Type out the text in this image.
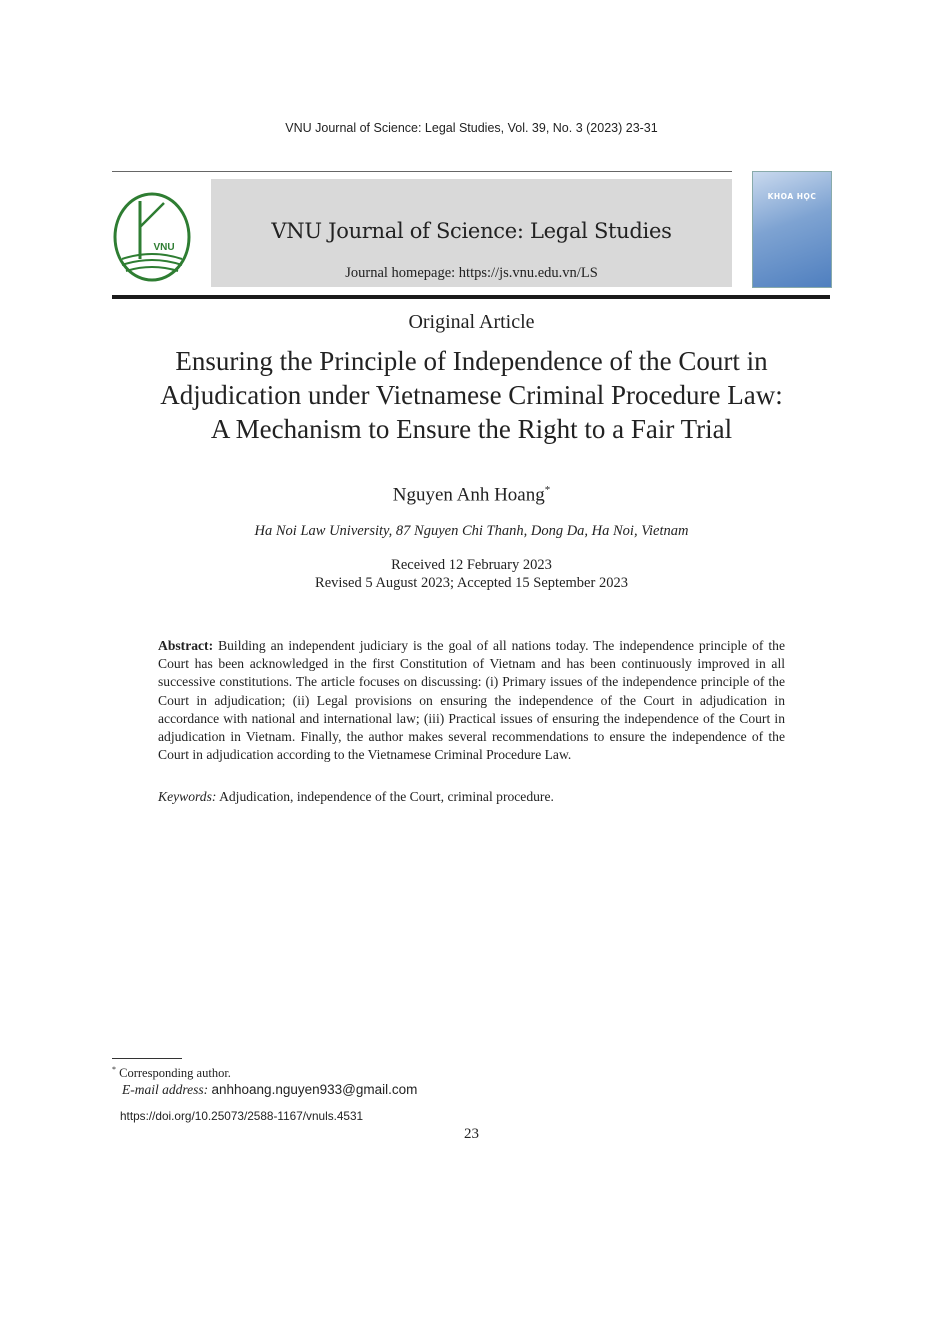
VNU Journal of Science: Legal Studies, Vol. 39, No. 3 (2023) 23-31
VNU
VNU Journal of Science: Legal Studies
Journal homepage: https://js.vnu.edu.vn/LS
KHOA HỌC
Original Article
Ensuring the Principle of Independence of the Court in
Adjudication under Vietnamese Criminal Procedure Law:
A Mechanism to Ensure the Right to a Fair Trial
Nguyen Anh Hoang*
Ha Noi Law University, 87 Nguyen Chi Thanh, Dong Da, Ha Noi, Vietnam
Received 12 February 2023
Revised 5 August 2023; Accepted 15 September 2023
Abstract: Building an independent judiciary is the goal of all nations today. The independence principle of the Court has been acknowledged in the first Constitution of Vietnam and has been continuously improved in all successive constitutions. The article focuses on discussing: (i) Primary issues of the independence principle of the Court in adjudication; (ii) Legal provisions on ensuring the independence of the Court in adjudication in accordance with national and international law; (iii) Practical issues of ensuring the independence of the Court in adjudication in Vietnam. Finally, the author makes several recommendations to ensure the independence of the Court in adjudication according to the Vietnamese Criminal Procedure Law.
Keywords: Adjudication, independence of the Court, criminal procedure.
* Corresponding author.
E-mail address: anhhoang.nguyen933@gmail.com
https://doi.org/10.25073/2588-1167/vnuls.4531
23
